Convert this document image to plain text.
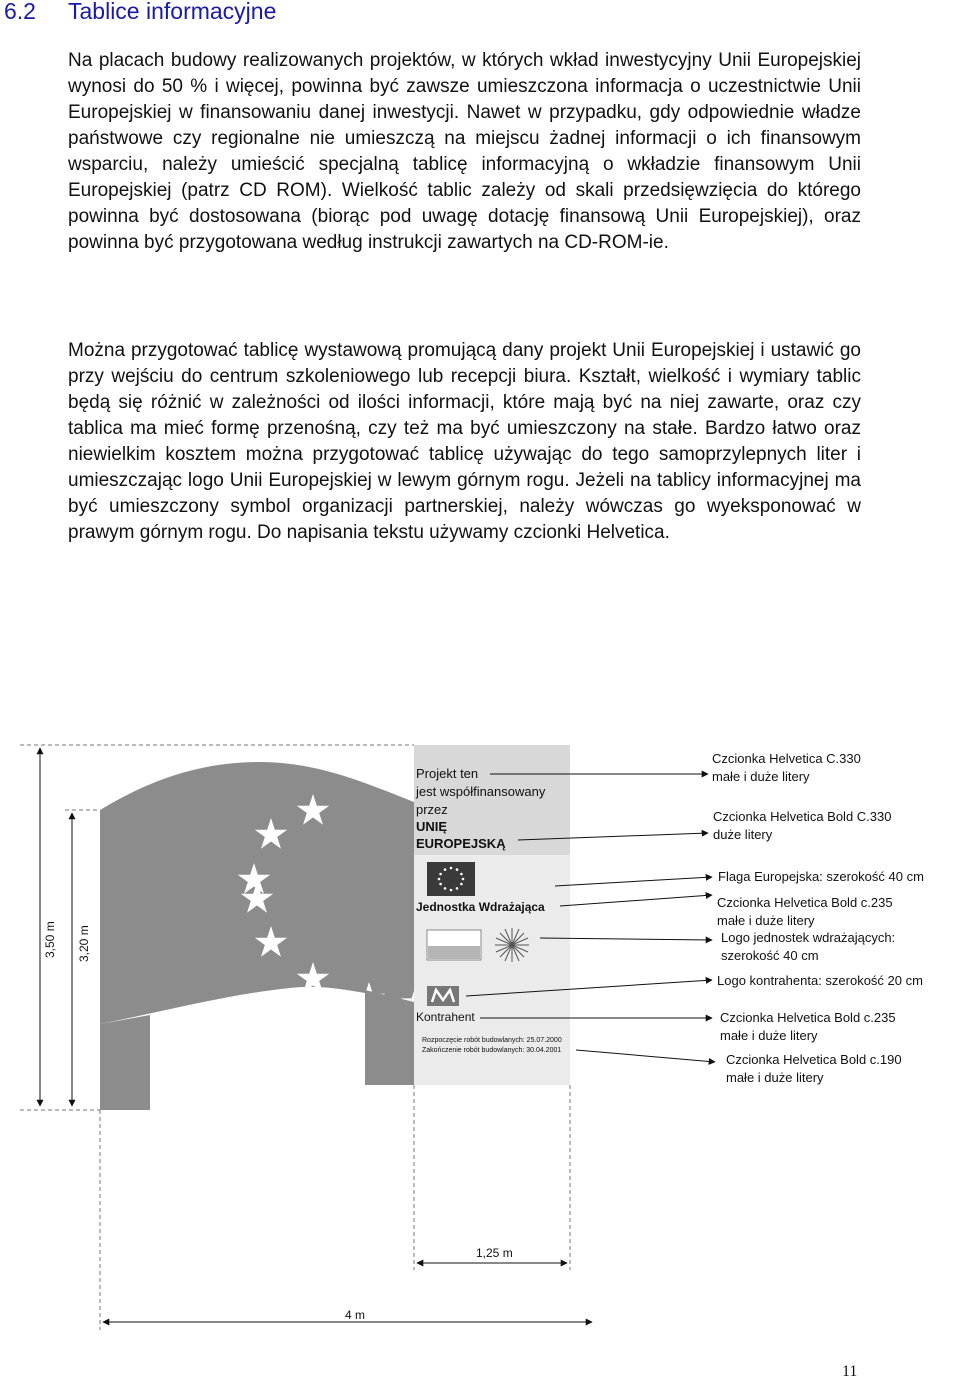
6.2 Tablice informacyjne

Na placach budowy realizowanych projektów, w których wkład inwestycyjny Unii Europejskiej wynosi do 50 % i więcej, powinna być zawsze umieszczona informacja o uczestnictwie Unii Europejskiej w finansowaniu danej inwestycji. Nawet w przypadku, gdy odpowiednie władze państwowe czy regionalne nie umieszczą na miejscu żadnej informacji o ich finansowym wsparciu, należy umieścić specjalną tablicę informacyjną o wkładzie finansowym Unii Europejskiej (patrz CD ROM). Wielkość tablic zależy od skali przedsięwzięcia do którego powinna być dostosowana (biorąc pod uwagę dotację finansową Unii Europejskiej), oraz powinna być przygotowana według instrukcji zawartych na CD-ROM-ie.

Można przygotować tablicę wystawową promującą dany projekt Unii Europejskiej i ustawić go przy wejściu do centrum szkoleniowego lub recepcji biura. Kształt, wielkość i wymiary tablic będą się różnić w zależności od ilości informacji, które mają być na niej zawarte, oraz czy tablica ma mieć formę przenośną, czy też ma być umieszczony na stałe. Bardzo łatwo oraz niewielkim kosztem można przygotować tablicę używając do tego samoprzylepnych liter i umieszczając logo Unii Europejskiej w lewym górnym rogu. Jeżeli na tablicy informacyjnej ma być umieszczony symbol organizacji partnerskiej, należy wówczas go wyeksponować w prawym górnym rogu. Do napisania tekstu używamy czcionki Helvetica.

Projekt ten
jest współfinansowany
przez
UNIĘ
EUROPEJSKĄ
Jednostka Wdrażająca
Kontrahent
Rozpoczęcie robót budowlanych: 25.07.2000
Zakończenie robót budowlanych: 30.04.2001
3,50 m 3,20 m
1,25 m
4 m
Czcionka Helvetica C.330
małe i duże litery
Czcionka Helvetica Bold C.330
duże litery
Flaga Europejska: szerokość 40 cm
Czcionka Helvetica Bold c.235
małe i duże litery
Logo jednostek wdrażających:
szerokość 40 cm
Logo kontrahenta: szerokość 20 cm
Czcionka Helvetica Bold c.235
małe i duże litery
Czcionka Helvetica Bold c.190
małe i duże litery
11
